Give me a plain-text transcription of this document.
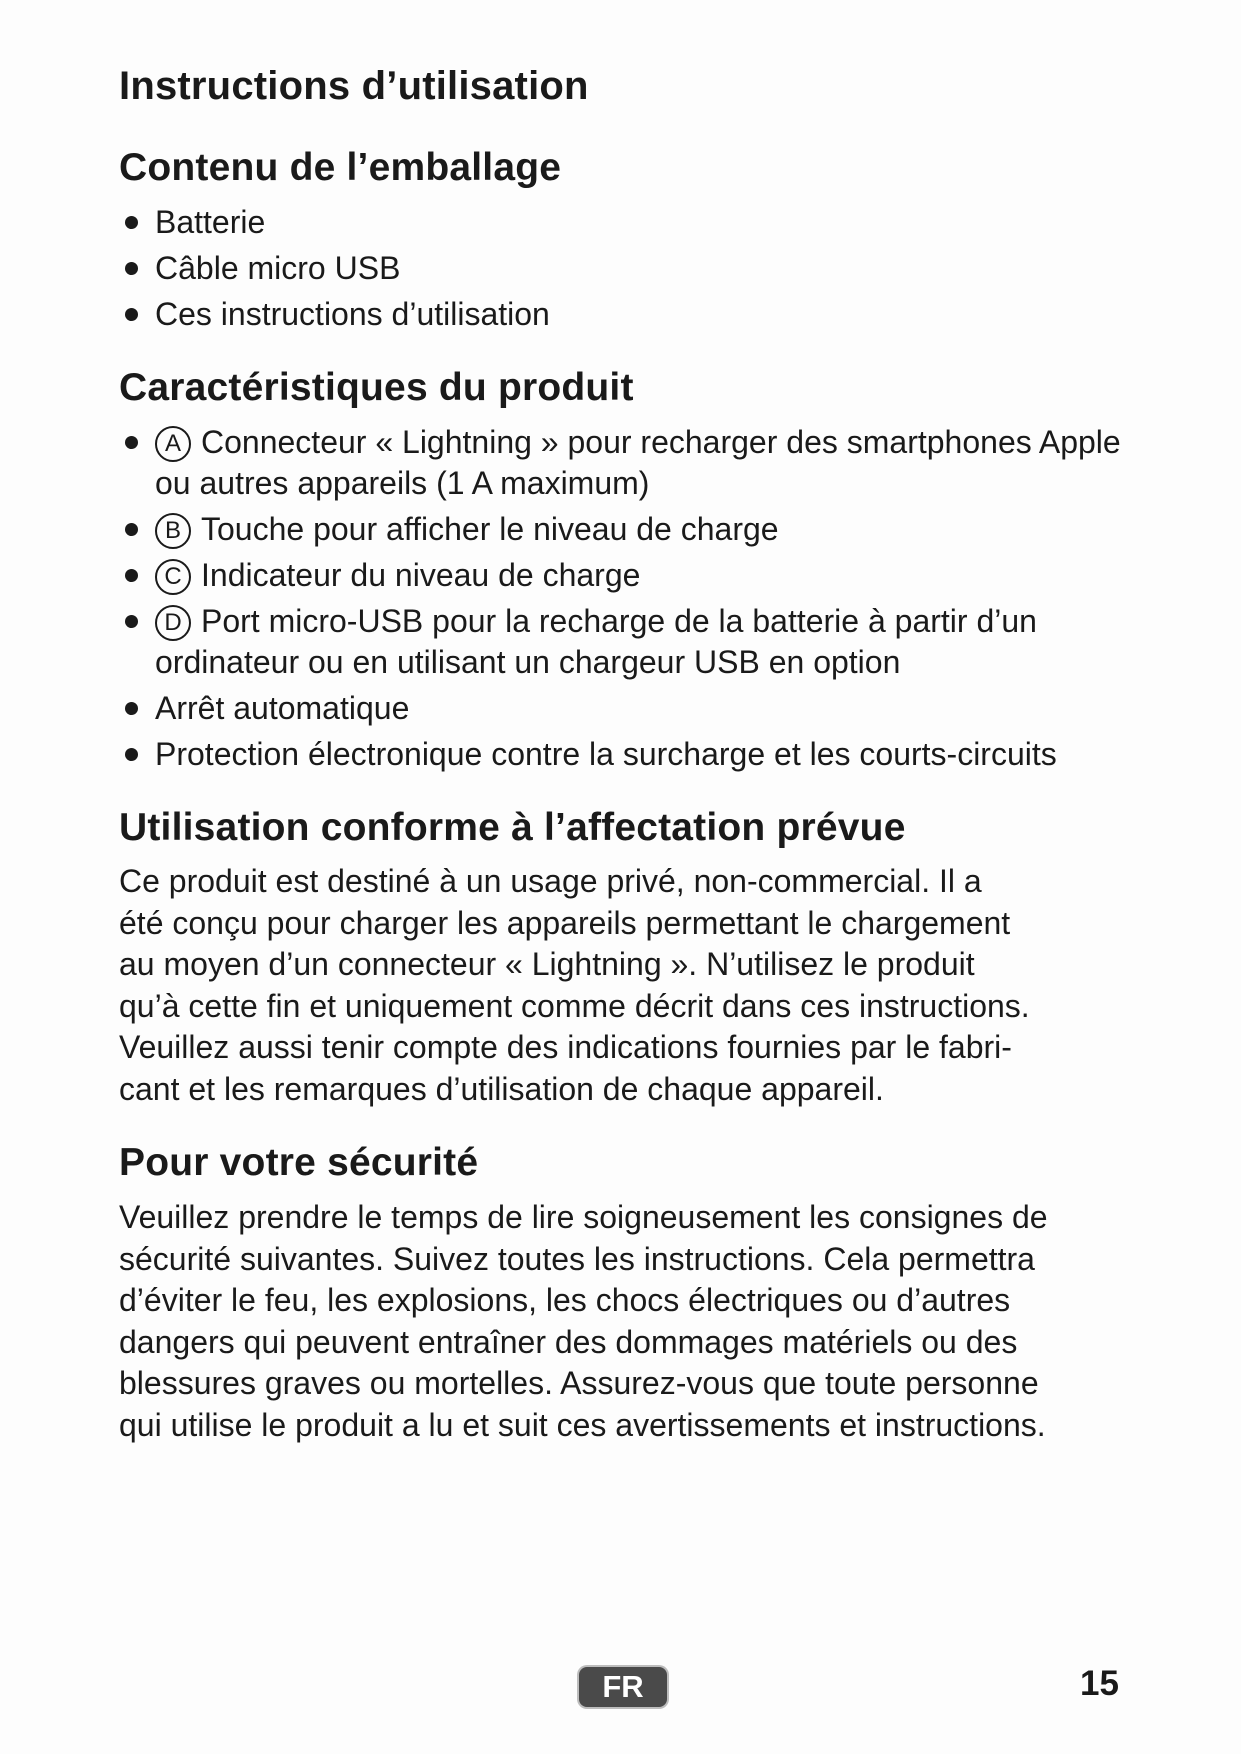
Instructions d’utilisation
Contenu de l’emballage
Batterie
Câble micro USB
Ces instructions d’utilisation
Caractéristiques du produit
A Connecteur « Lightning » pour recharger des smartphones Apple ou autres appareils (1 A maximum)
B Touche pour afficher le niveau de charge
C Indicateur du niveau de charge
D Port micro-USB pour la recharge de la batterie à partir d’un ordinateur ou en utilisant un chargeur USB en option
Arrêt automatique
Protection électronique contre la surcharge et les courts-circuits
Utilisation conforme à l’affectation prévue

Ce produit est destiné à un usage privé, non-commercial. Il a
été conçu pour charger les appareils permettant le chargement
au moyen d’un connecteur « Lightning ». N’utilisez le produit
qu’à cette fin et uniquement comme décrit dans ces instructions.
Veuillez aussi tenir compte des indications fournies par le fabri-
cant et les remarques d’utilisation de chaque appareil.

Pour votre sécurité

Veuillez prendre le temps de lire soigneusement les consignes de
sécurité suivantes. Suivez toutes les instructions. Cela permettra
d’éviter le feu, les explosions, les chocs électriques ou d’autres
dangers qui peuvent entraîner des dommages matériels ou des
blessures graves ou mortelles. Assurez-vous que toute personne
qui utilise le produit a lu et suit ces avertissements et instructions.

FR	15
